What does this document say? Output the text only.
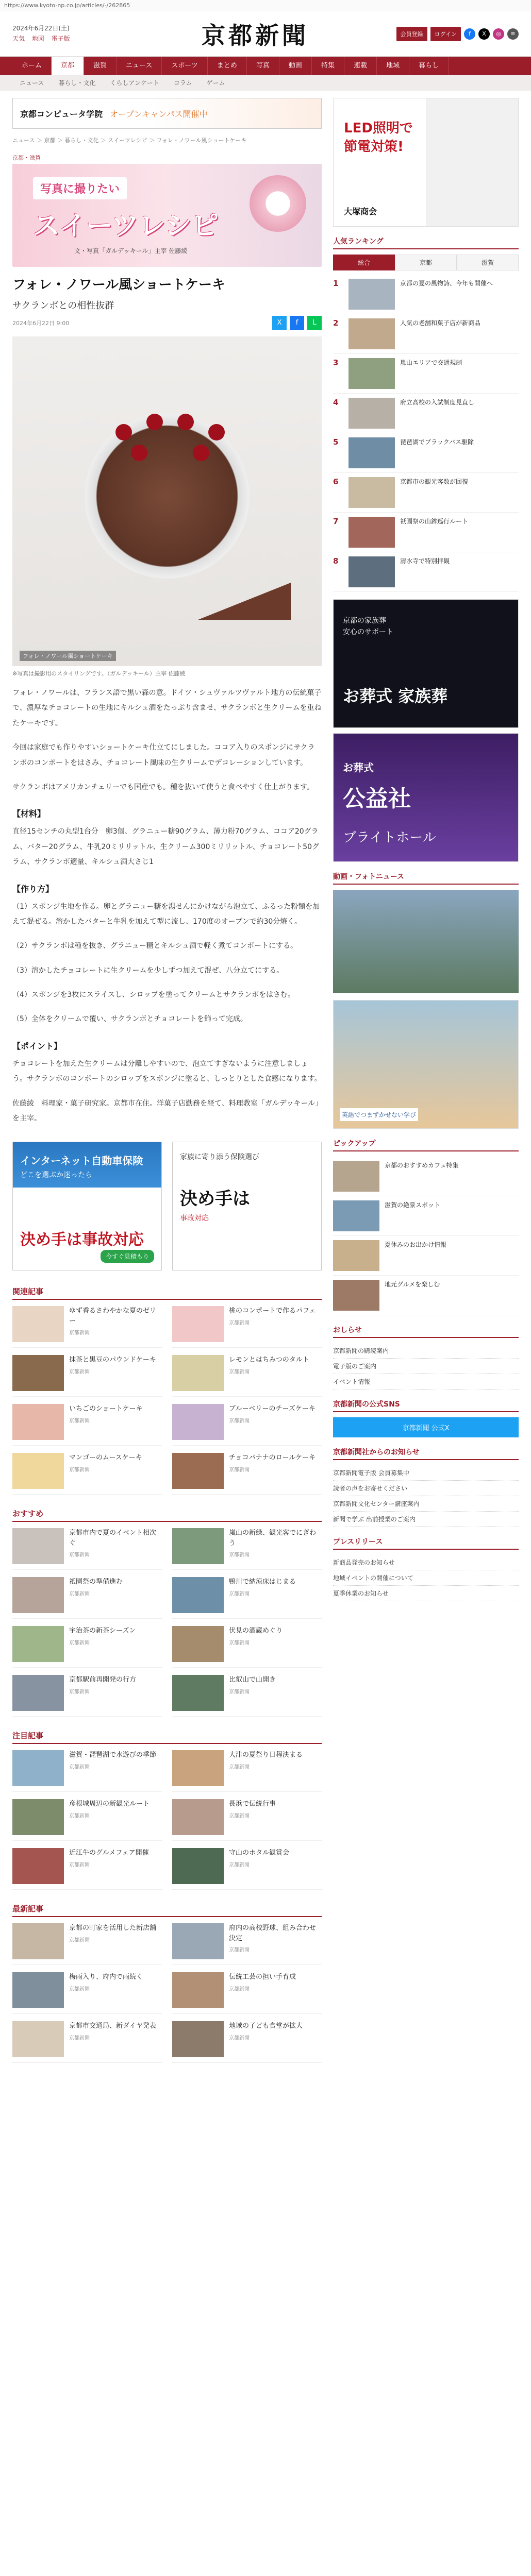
https://www.kyoto-np.co.jp/articles/-/262865
2024年6月22日(土)
天気 地図 電子版	京都新聞	会員登録	ログイン	f	X	◎	≡
ホーム	京都	滋賀	ニュース	スポーツ	まとめ	写真	動画	特集	連載	地域	暮らし
ニュース	暮らし・文化	くらしアンケート	コラム	ゲーム
京都コンピュータ学院 オープンキャンパス開催中
ニュース ＞ 京都 ＞ 暮らし・文化 ＞ スイーツレシピ ＞ フォレ・ノワール風ショートケーキ
京都・滋賀
写真に撮りたい
スイーツレシピ
文・写真「ガルデッキール」主宰 佐藤綾
フォレ・ノワール風ショートケーキ
サクランボとの相性抜群
2024年6月22日 9:00	X	f	L
フォレ・ノワール風ショートケーキ
※写真は撮影用のスタイリングです。（ガルデッキール）主宰 佐藤綾

フォレ・ノワールは、フランス語で黒い森の意。ドイツ・シュヴァルツヴァルト地方の伝統菓子で、濃厚なチョコレートの生地にキルシュ酒をたっぷり含ませ、サクランボと生クリームを重ねたケーキです。

今回は家庭でも作りやすいショートケーキ仕立てにしました。ココア入りのスポンジにサクランボのコンポートをはさみ、チョコレート風味の生クリームでデコレーションしています。

サクランボはアメリカンチェリーでも国産でも。種を抜いて使うと食べやすく仕上がります。

【材料】

直径15センチの丸型1台分　卵3個、グラニュー糖90グラム、薄力粉70グラム、ココア20グラム、バター20グラム、牛乳20ミリリットル、生クリーム300ミリリットル、チョコレート50グラム、サクランボ適量、キルシュ酒大さじ1

【作り方】

（1）スポンジ生地を作る。卵とグラニュー糖を湯せんにかけながら泡立て、ふるった粉類を加えて混ぜる。溶かしたバターと牛乳を加えて型に流し、170度のオーブンで約30分焼く。

（2）サクランボは種を抜き、グラニュー糖とキルシュ酒で軽く煮てコンポートにする。

（3）溶かしたチョコレートに生クリームを少しずつ加えて混ぜ、八分立てにする。

（4）スポンジを3枚にスライスし、シロップを塗ってクリームとサクランボをはさむ。

（5）全体をクリームで覆い、サクランボとチョコレートを飾って完成。

【ポイント】

チョコレートを加えた生クリームは分離しやすいので、泡立てすぎないように注意しましょう。サクランボのコンポートのシロップをスポンジに塗ると、しっとりとした食感になります。

佐藤綾　料理家・菓子研究家。京都市在住。洋菓子店勤務を経て、料理教室「ガルデッキール」を主宰。

インターネット自動車保険
どこを選ぶか迷ったら
決め手は事故対応
今すぐ見積もり
家族に寄り添う保険選び
決め手は
事故対応
関連記事
ゆず香るさわやかな夏のゼリー
京都新聞
桃のコンポートで作るパフェ
京都新聞
抹茶と黒豆のパウンドケーキ
京都新聞
レモンとはちみつのタルト
京都新聞
いちごのショートケーキ
京都新聞
ブルーベリーのチーズケーキ
京都新聞
マンゴーのムースケーキ
京都新聞
チョコバナナのロールケーキ
京都新聞
おすすめ
京都市内で夏のイベント相次ぐ
京都新聞
嵐山の新緑、観光客でにぎわう
京都新聞
祇園祭の準備進む
京都新聞
鴨川で納涼床はじまる
京都新聞
宇治茶の新茶シーズン
京都新聞
伏見の酒蔵めぐり
京都新聞
京都駅前再開発の行方
京都新聞
比叡山で山開き
京都新聞
注目記事
滋賀・琵琶湖で水遊びの季節
京都新聞
大津の夏祭り日程決まる
京都新聞
彦根城周辺の新観光ルート
京都新聞
長浜で伝統行事
京都新聞
近江牛のグルメフェア開催
京都新聞
守山のホタル観賞会
京都新聞
最新記事
京都の町家を活用した新店舗
京都新聞
府内の高校野球、組み合わせ決定
京都新聞
梅雨入り、府内で雨続く
京都新聞
伝統工芸の担い手育成
京都新聞
京都市交通局、新ダイヤ発表
京都新聞
地域の子ども食堂が拡大
京都新聞
LED照明で
節電対策!
大塚商会
人気ランキング
総合	京都	滋賀
1	京都の夏の風物詩、今年も開催へ
2	人気の老舗和菓子店が新商品
3	嵐山エリアで交通規制
4	府立高校の入試制度見直し
5	琵琶湖でブラックバス駆除
6	京都市の観光客数が回復
7	祇園祭の山鉾巡行ルート
8	清水寺で特別拝観
京都の家族葬
安心のサポート
お葬式 家族葬
お葬式
公益社
ブライトホール
動画・フォトニュース
英語でつまずかせない学び
ピックアップ
京都のおすすめカフェ特集
滋賀の絶景スポット
夏休みのお出かけ情報
地元グルメを楽しむ
おしらせ
京都新聞の購読案内
電子版のご案内
イベント情報
京都新聞の公式SNS
京都新聞 公式X
京都新聞社からのお知らせ
京都新聞電子版 会員募集中
読者の声をお寄せください
京都新聞文化センター講座案内
新聞で学ぶ 出前授業のご案内
プレスリリース
新商品発売のお知らせ
地域イベントの開催について
夏季休業のお知らせ
